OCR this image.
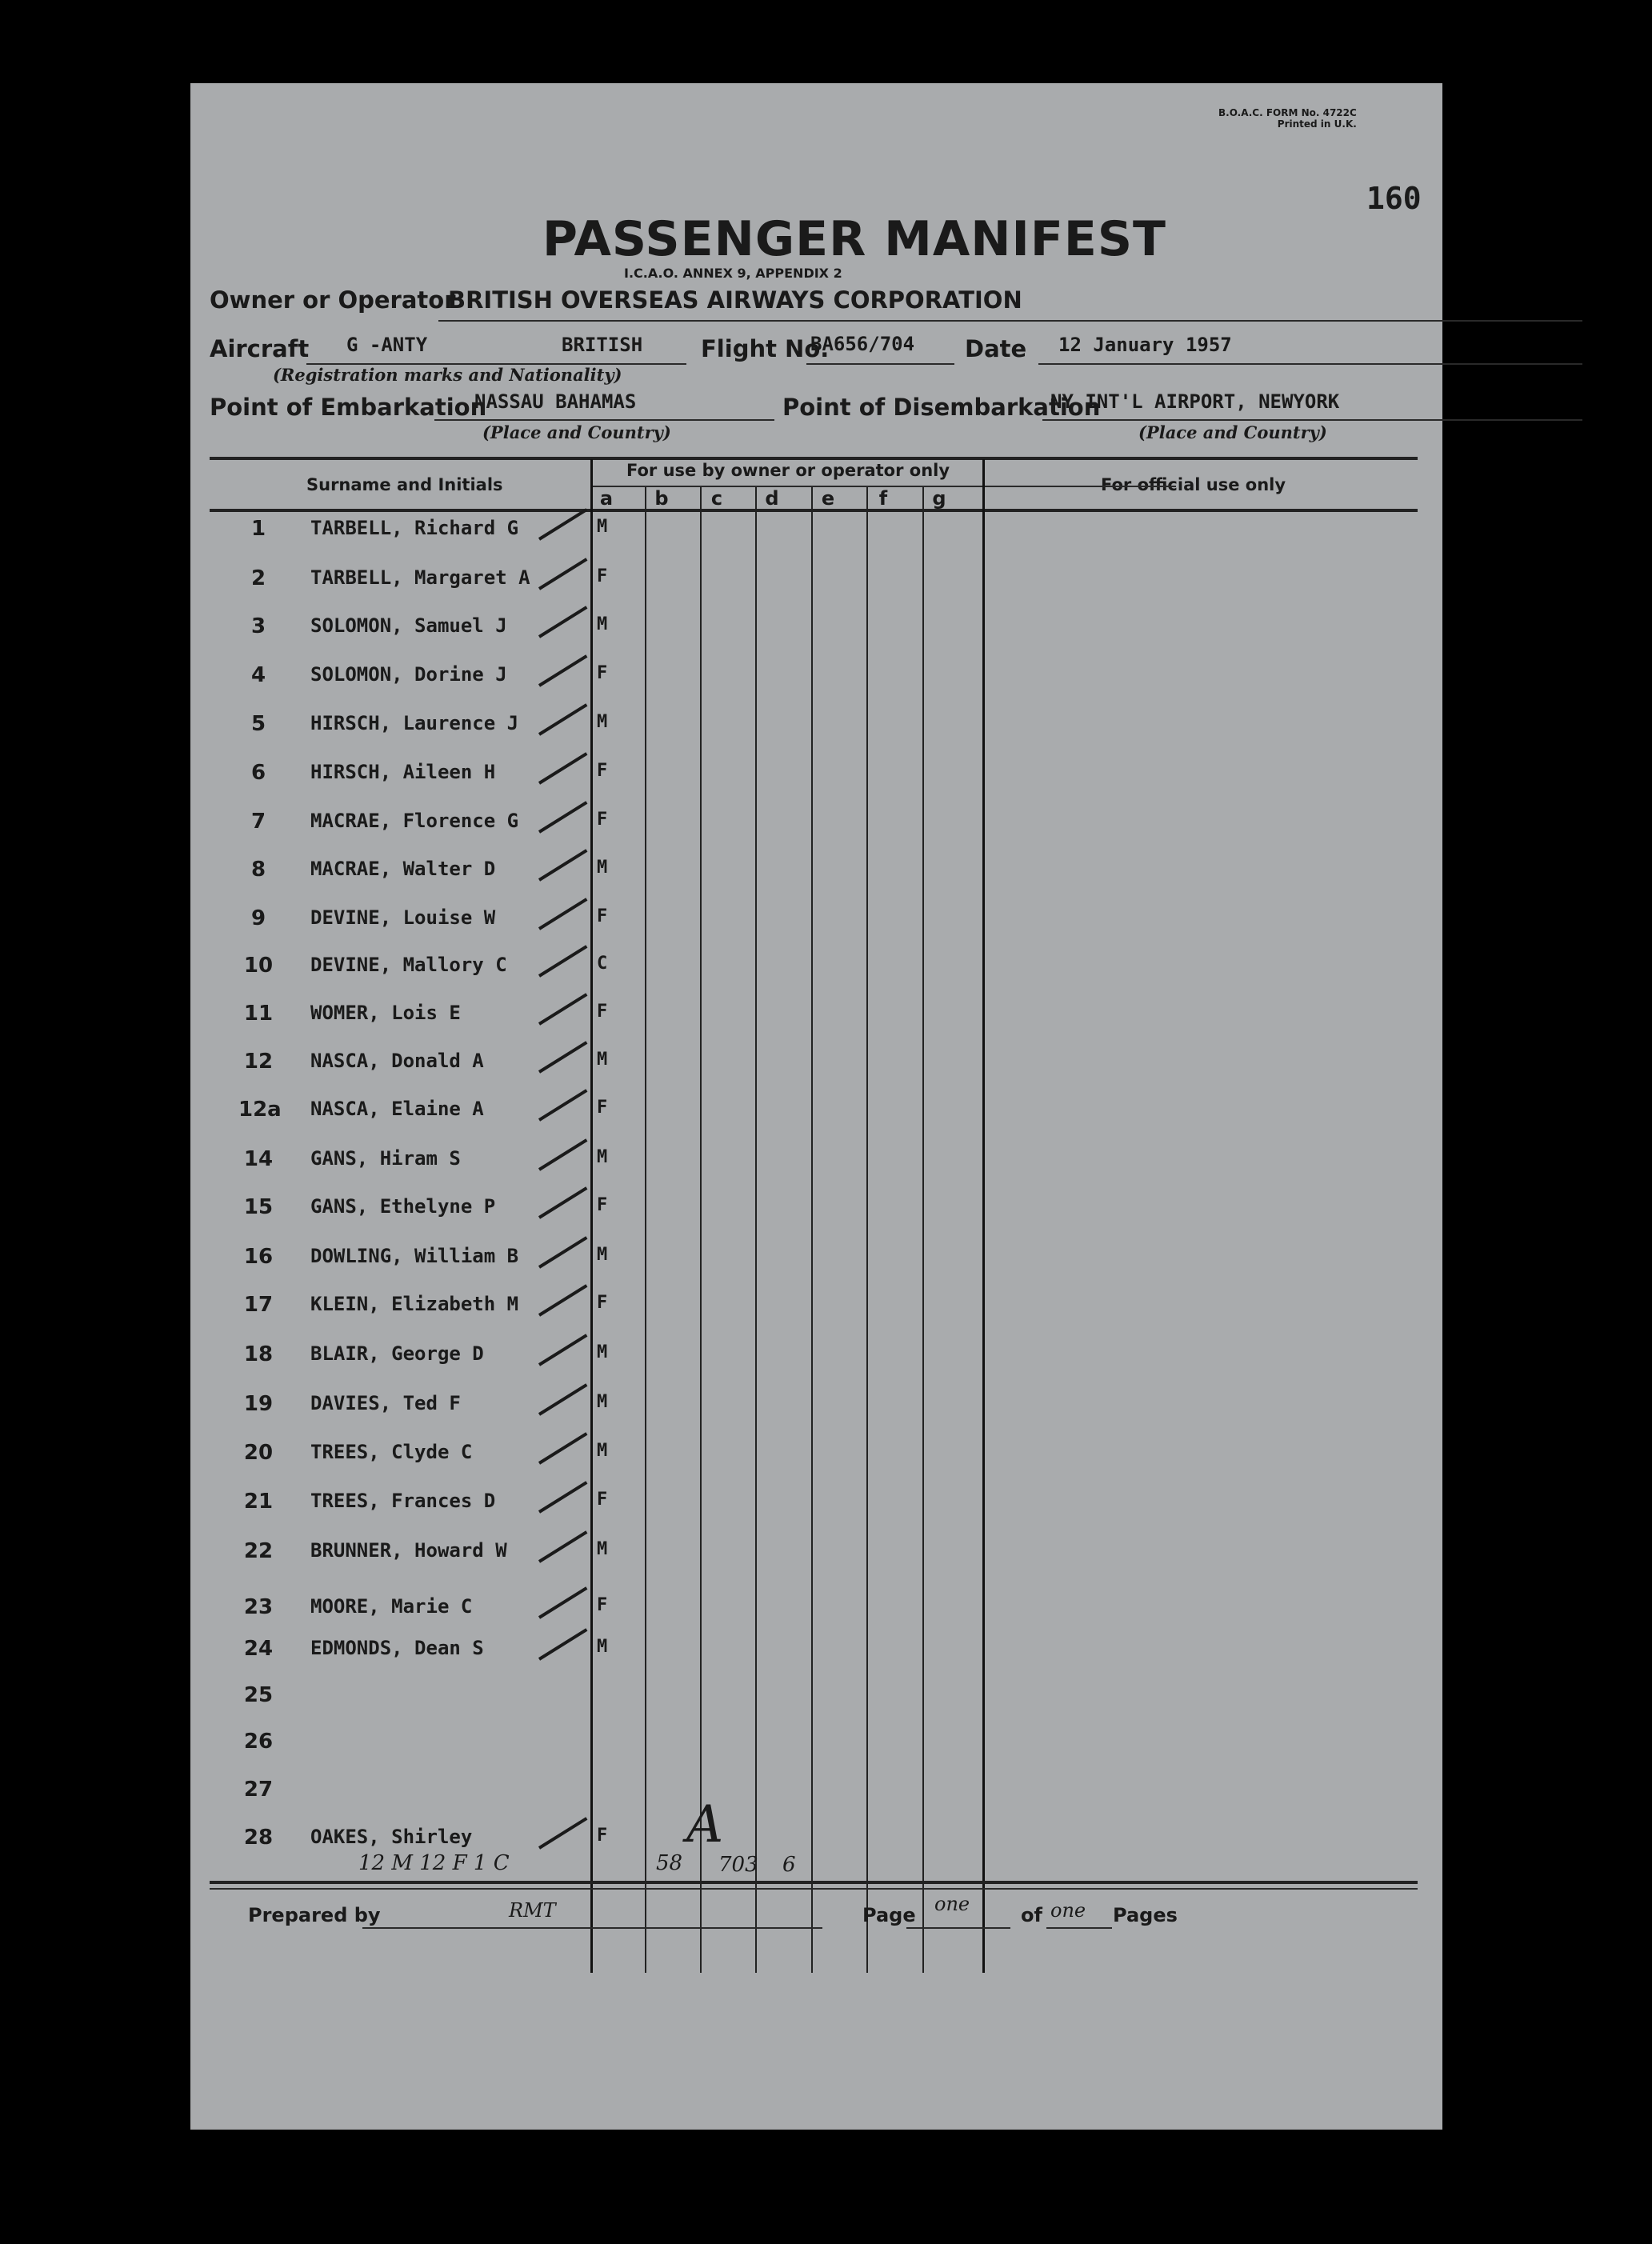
B.O.A.C. FORM No. 4722C
Printed in U.K.
160
PASSENGER MANIFEST
I.C.A.O. ANNEX 9, APPENDIX 2
Owner or Operator
BRITISH OVERSEAS AIRWAYS CORPORATION
Aircraft G -ANTY	BRITISH
(Registration marks and Nationality)
Flight No.
BA656/704 Date 12 January 1957
Point of Embarkation
NASSAU BAHAMAS
(Place and Country)
Point of Disembarkation
NY INT'L AIRPORT, NEWYORK
(Place and Country)
Surname and Initials
For use by owner or operator only
For official use only
a b	c	d e	f	g
1	TARBELL, Richard G	M
2	TARBELL, Margaret A	F
3	SOLOMON, Samuel J	M
4	SOLOMON, Dorine J	F
5	HIRSCH, Laurence J	M
6	HIRSCH, Aileen H	F
7	MACRAE, Florence G	F
8	MACRAE, Walter D	M
9	DEVINE, Louise W	F
10 DEVINE, Mallory C	C
11 WOMER, Lois E	F
12 NASCA, Donald A	M
12a NASCA, Elaine A	F
14 GANS, Hiram S	M
15 GANS, Ethelyne P	F
16 DOWLING, William B	M
17 KLEIN, Elizabeth M	F
18 BLAIR, George D	M
19 DAVIES, Ted F	M
20 TREES, Clyde C	M
21 TREES, Frances D	F
22 BRUNNER, Howard W	M
23 MOORE, Marie C	F
24 EDMONDS, Dean S	M
25
26
27
28 OAKES, Shirley	F
12 M 12 F 1 C	58 703 6
A
Prepared by	RMT	Page one	of one Pages
